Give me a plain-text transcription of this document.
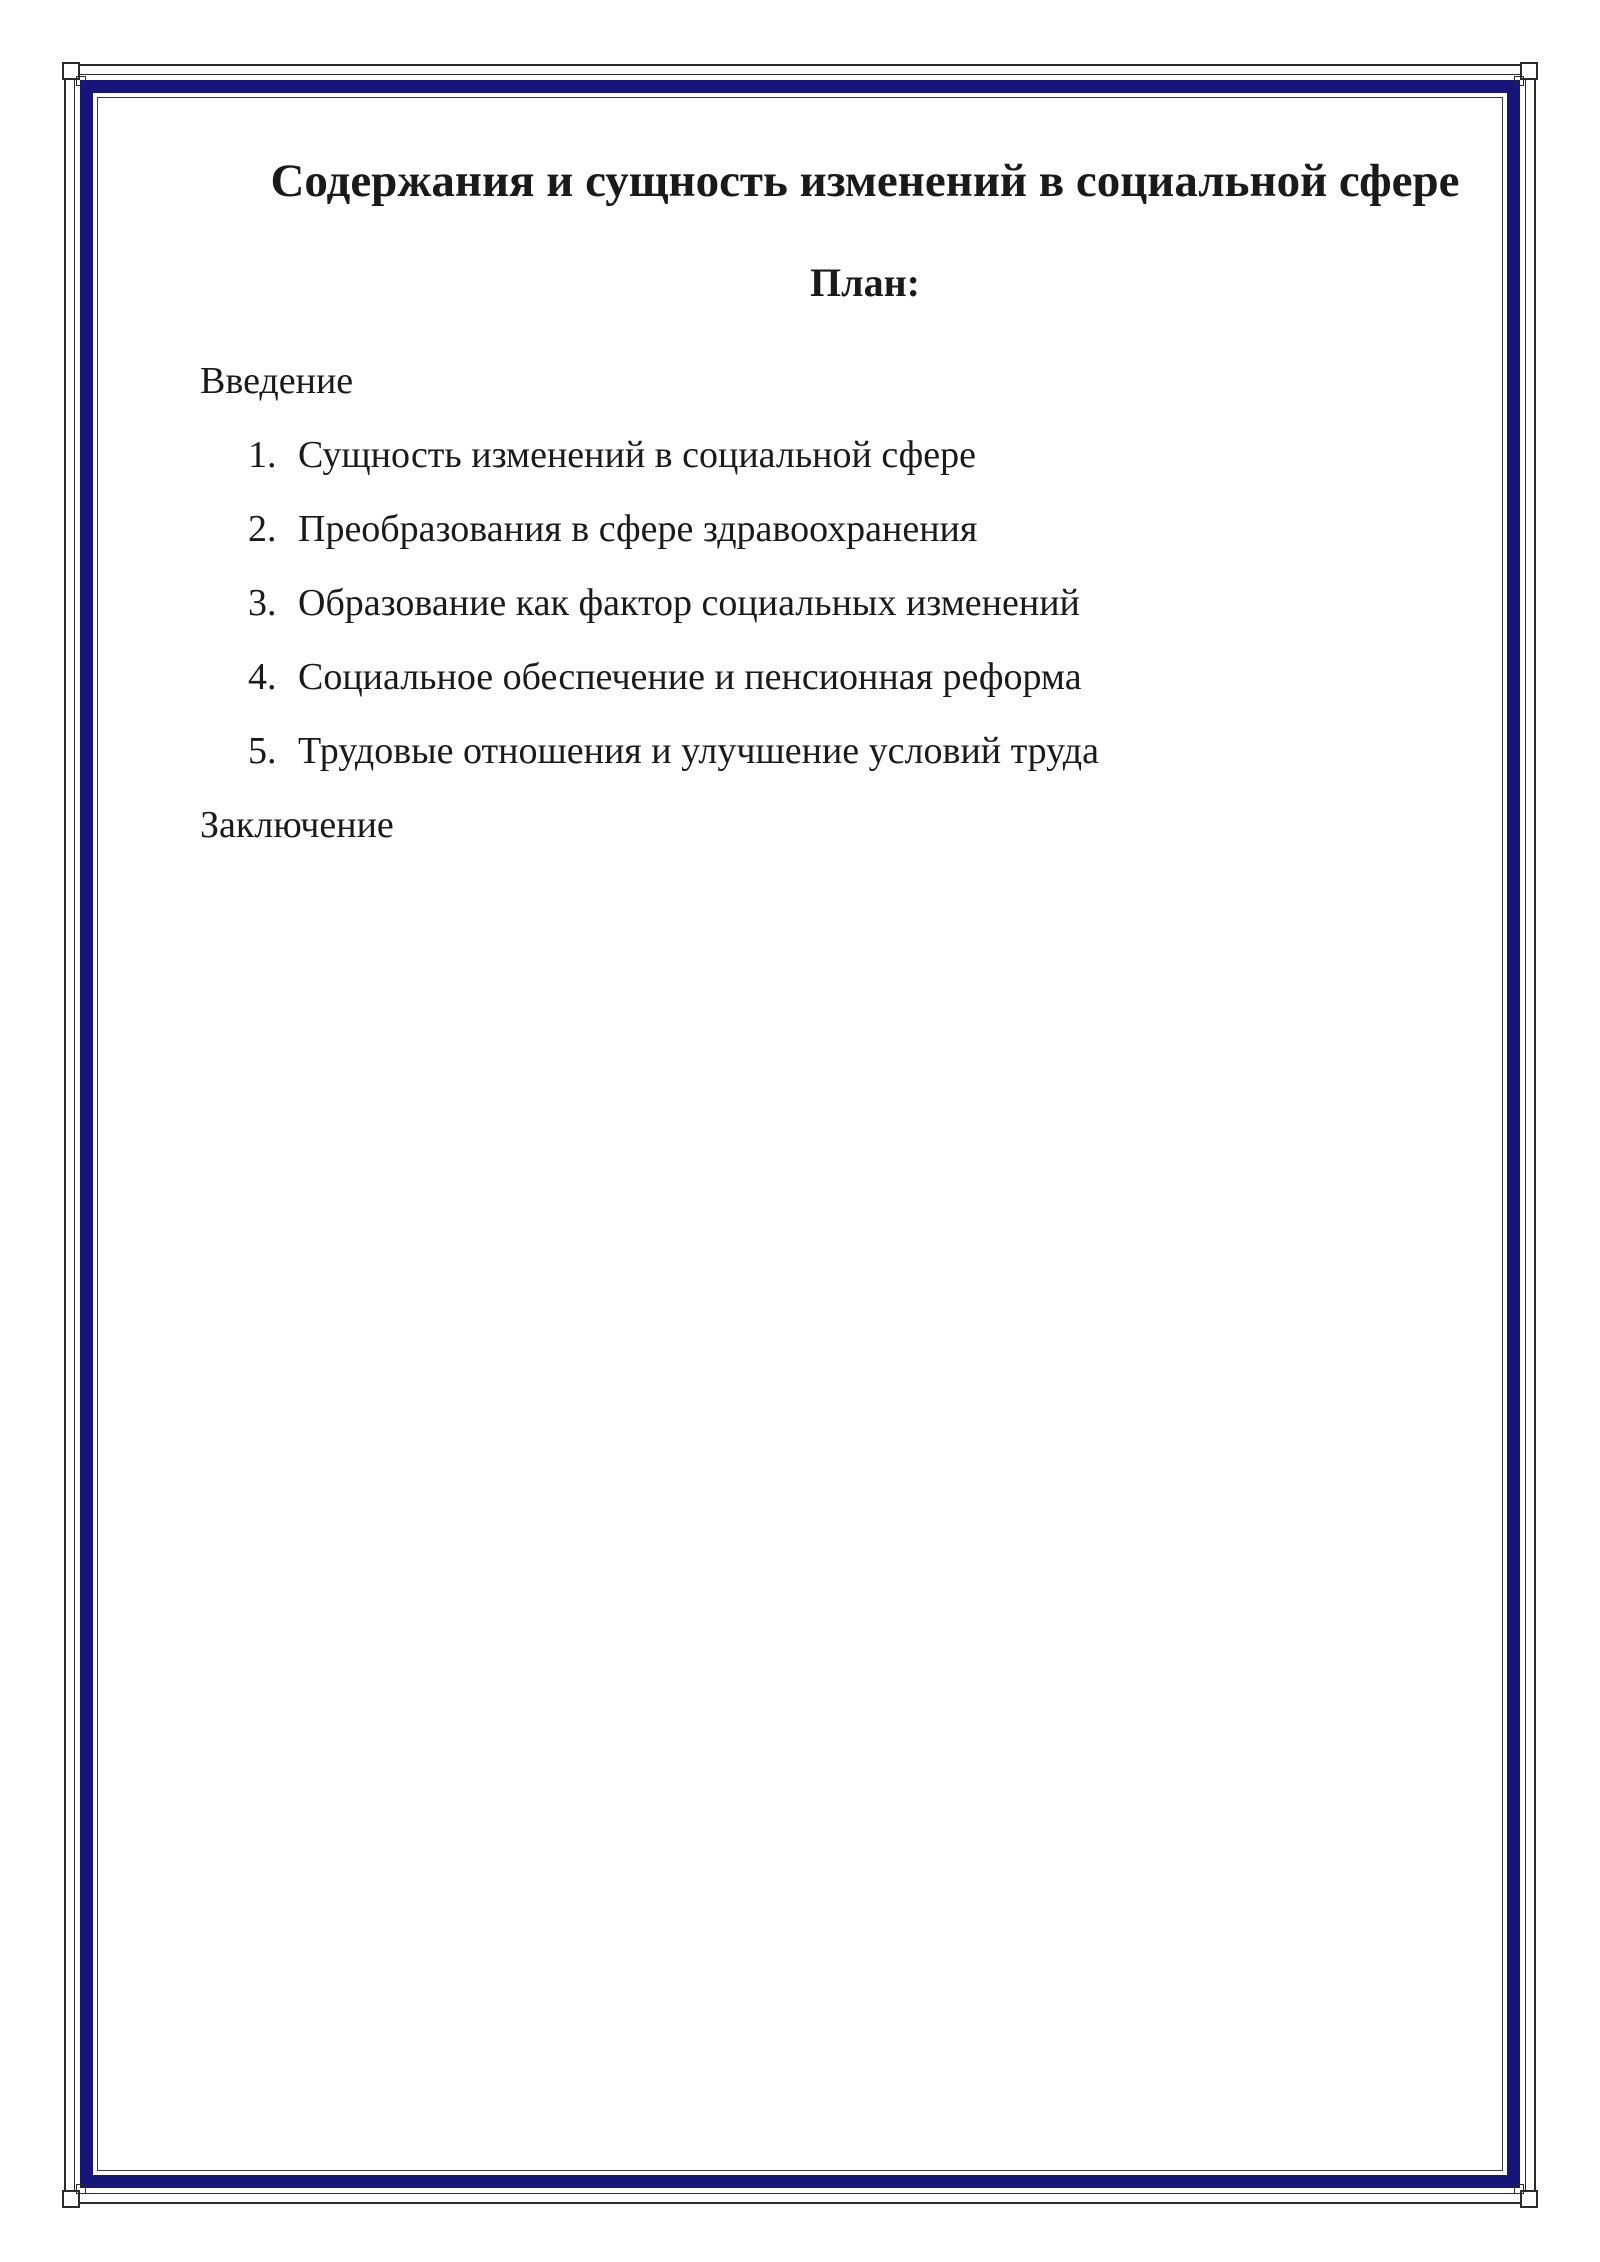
Содержания и сущность изменений в социальной сфере
План:

Введение

1. Сущность изменений в социальной сфере
2. Преобразования в сфере здравоохранения
3. Образование как фактор социальных изменений
4. Социальное обеспечение и пенсионная реформа
5. Трудовые отношения и улучшение условий труда

Заключение
